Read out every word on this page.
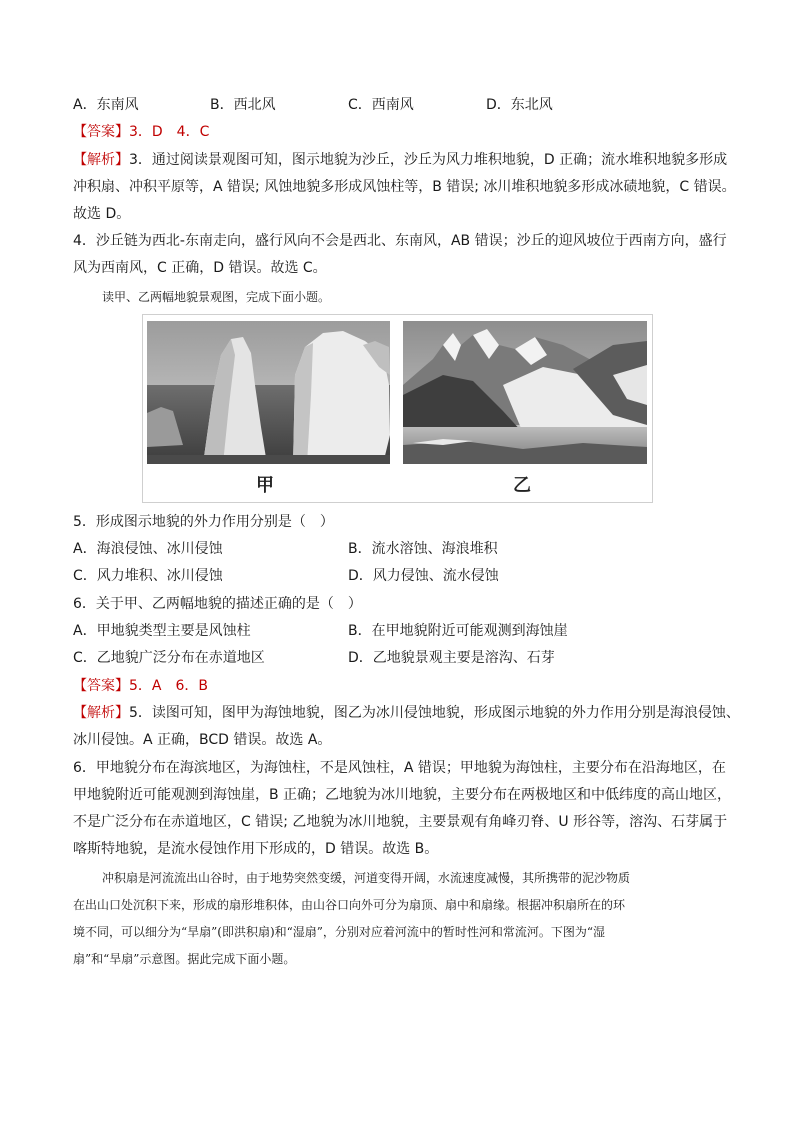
A．东南风	B．西北风	C．西南风	D．东北风
【答案】3．D　4．C
【解析】3．通过阅读景观图可知，图示地貌为沙丘，沙丘为风力堆积地貌，D 正确；流水堆积地貌多形成
冲积扇、冲积平原等，A 错误; 风蚀地貌多形成风蚀柱等，B 错误; 冰川堆积地貌多形成冰碛地貌，C 错误。
故选 D。
4．沙丘链为西北-东南走向，盛行风向不会是西北、东南风，AB 错误；沙丘的迎风坡位于西南方向，盛行
风为西南风，C 正确，D 错误。故选 C。
读甲、乙两幅地貌景观图，完成下面小题。
甲	乙
5．形成图示地貌的外力作用分别是（　）
A．海浪侵蚀、冰川侵蚀	B．流水溶蚀、海浪堆积
C．风力堆积、冰川侵蚀	D．风力侵蚀、流水侵蚀
6．关于甲、乙两幅地貌的描述正确的是（　）
A．甲地貌类型主要是风蚀柱	B．在甲地貌附近可能观测到海蚀崖
C．乙地貌广泛分布在赤道地区	D．乙地貌景观主要是溶沟、石芽
【答案】5．A　6．B
【解析】5．读图可知，图甲为海蚀地貌，图乙为冰川侵蚀地貌，形成图示地貌的外力作用分别是海浪侵蚀、
冰川侵蚀。A 正确，BCD 错误。故选 A。
6．甲地貌分布在海滨地区，为海蚀柱，不是风蚀柱，A 错误；甲地貌为海蚀柱，主要分布在沿海地区，在
甲地貌附近可能观测到海蚀崖，B 正确；乙地貌为冰川地貌，主要分布在两极地区和中低纬度的高山地区，
不是广泛分布在赤道地区，C 错误; 乙地貌为冰川地貌，主要景观有角峰刃脊、U 形谷等，溶沟、石芽属于
喀斯特地貌，是流水侵蚀作用下形成的，D 错误。故选 B。
冲积扇是河流流出山谷时，由于地势突然变缓，河道变得开阔，水流速度减慢，其所携带的泥沙物质
在出山口处沉积下来，形成的扇形堆积体，由山谷口向外可分为扇顶、扇中和扇缘。根据冲积扇所在的环
境不同，可以细分为“旱扇”(即洪积扇)和“湿扇”，分别对应着河流中的暂时性河和常流河。下图为“湿
扇”和“旱扇”示意图。据此完成下面小题。
